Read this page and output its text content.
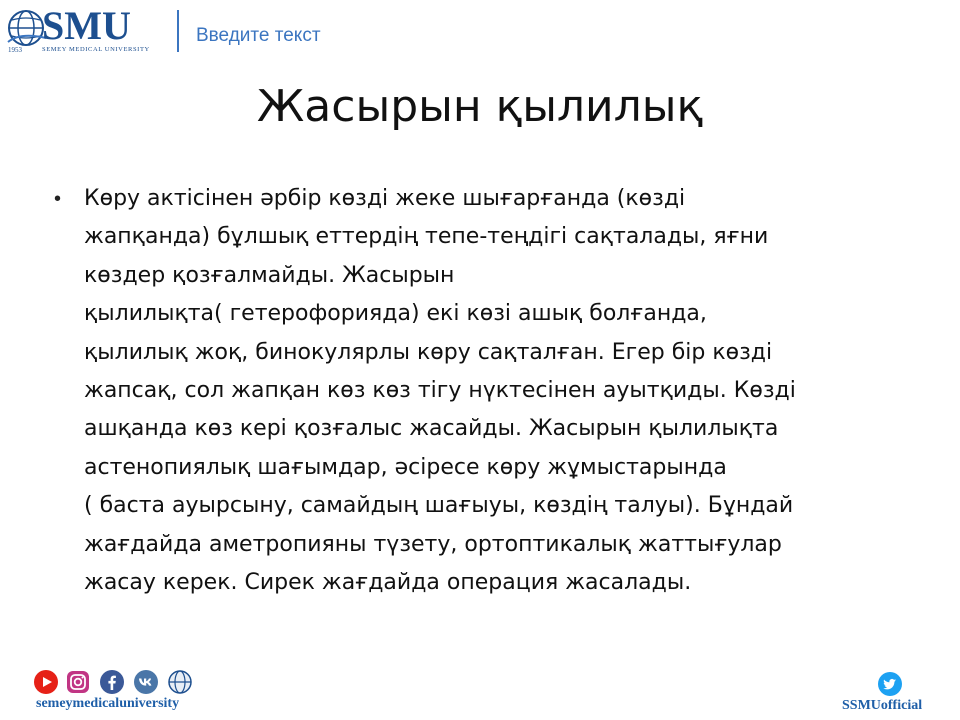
SMU
1953	SEMEY MEDICAL UNIVERSITY
Введите текст
Жасырын қылилық
• Көру актісінен әрбір көзді жеке шығарғанда (көзді
жапқанда) бұлшық еттердің тепе-теңдігі сақталады, яғни
көздер қозғалмайды. Жасырын
қылилықта( гетерофорияда) екі көзі ашық болғанда,
қылилық жоқ, бинокулярлы көру сақталған. Егер бір көзді
жапсақ, сол жапқан көз көз тігу нүктесінен ауытқиды. Көзді
ашқанда көз кері қозғалыс жасайды. Жасырын қылилықта
астенопиялық шағымдар, әсіресе көру жұмыстарында
( баста ауырсыну, самайдың шағыуы, көздің талуы). Бұндай
жағдайда аметропияны түзету, ортоптикалық жаттығулар
жасау керек. Сирек жағдайда операция жасалады.

semeymedicaluniversity	SSMUofficial
